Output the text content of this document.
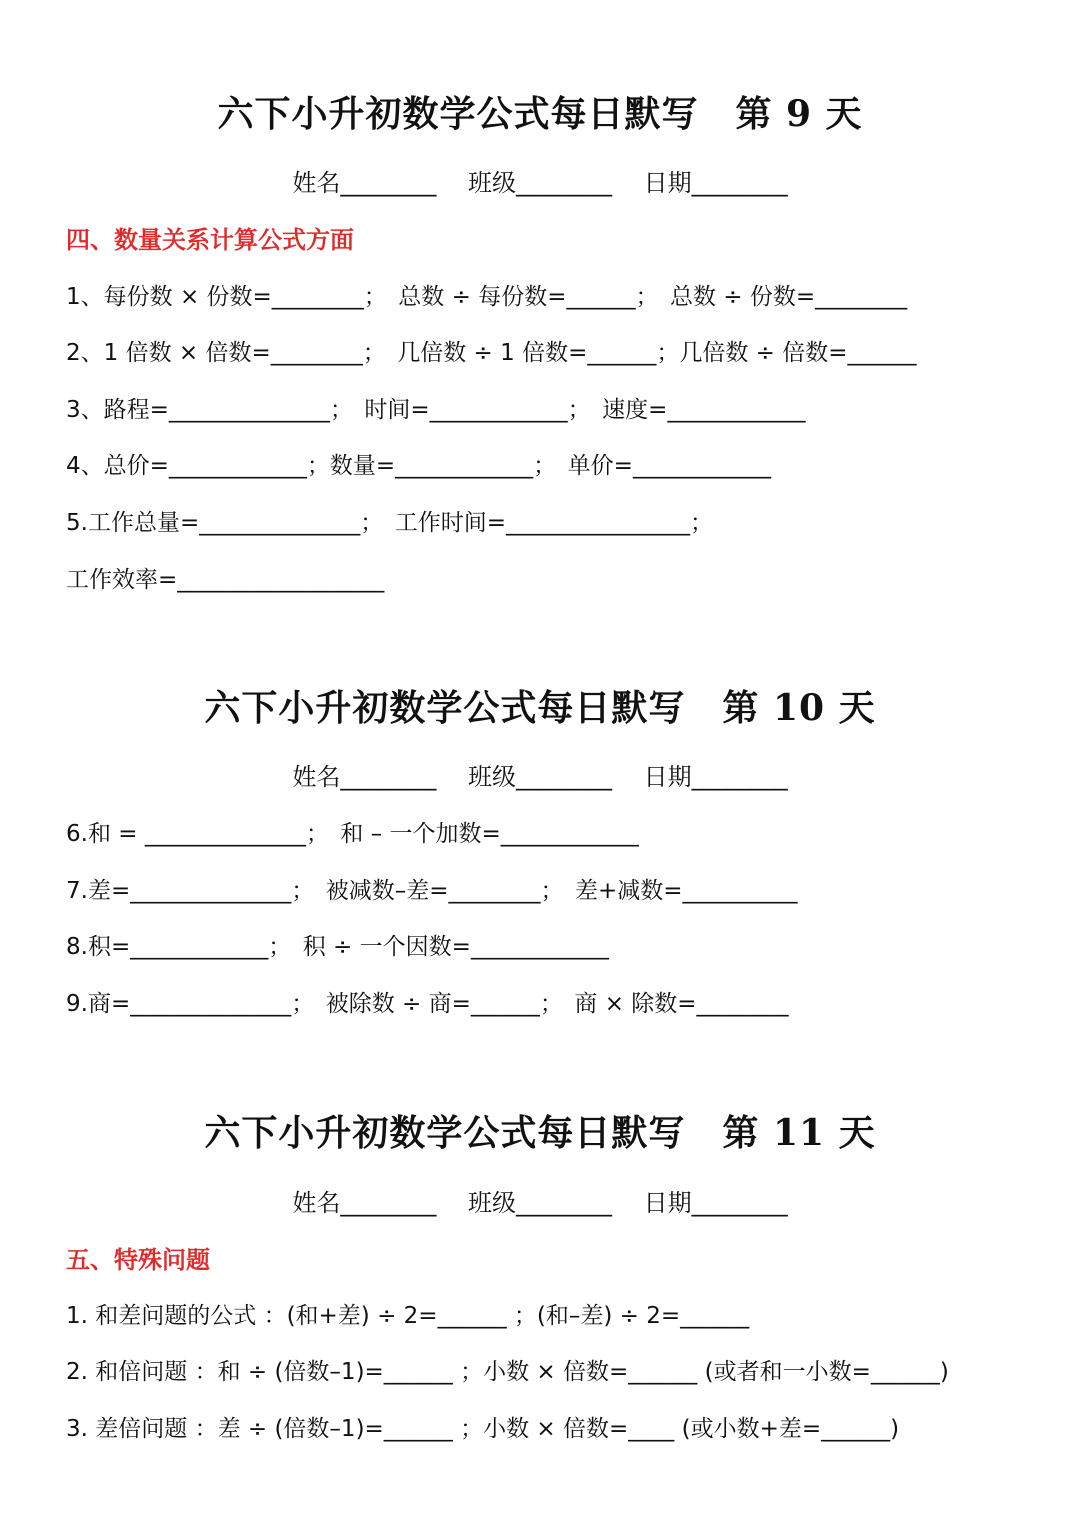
六下小升初数学公式每日默写　第 9 天
姓名________　 班级________　 日期________
四、数量关系计算公式方面
1、每份数 × 份数=________；　总数 ÷ 每份数=______；　总数 ÷ 份数=________
2、1 倍数 × 倍数=________；　几倍数 ÷ 1 倍数=______；几倍数 ÷ 倍数=______
3、路程=______________；　时间=____________；　速度=____________
4、总价=____________；数量=____________；　单价=____________
5.工作总量=______________；　工作时间=________________；
工作效率=__________________
六下小升初数学公式每日默写　第 10 天
姓名________　 班级________　 日期________
6.和 = ______________；　和 – 一个加数=____________
7.差=______________；　被减数–差=________；　差+减数=__________
8.积=____________；　积 ÷ 一个因数=____________
9.商=______________；　被除数 ÷ 商=______；　商 × 除数=________
六下小升初数学公式每日默写　第 11 天
姓名________　 班级________　 日期________
五、特殊问题
1. 和差问题的公式 ：(和+差) ÷ 2=______ ；(和–差) ÷ 2=______
2. 和倍问题 ：和 ÷ (倍数–1)=______ ；小数 × 倍数=______ (或者和一小数=______)
3. 差倍问题 ：差 ÷ (倍数–1)=______ ；小数 × 倍数=____ (或小数+差=______)
